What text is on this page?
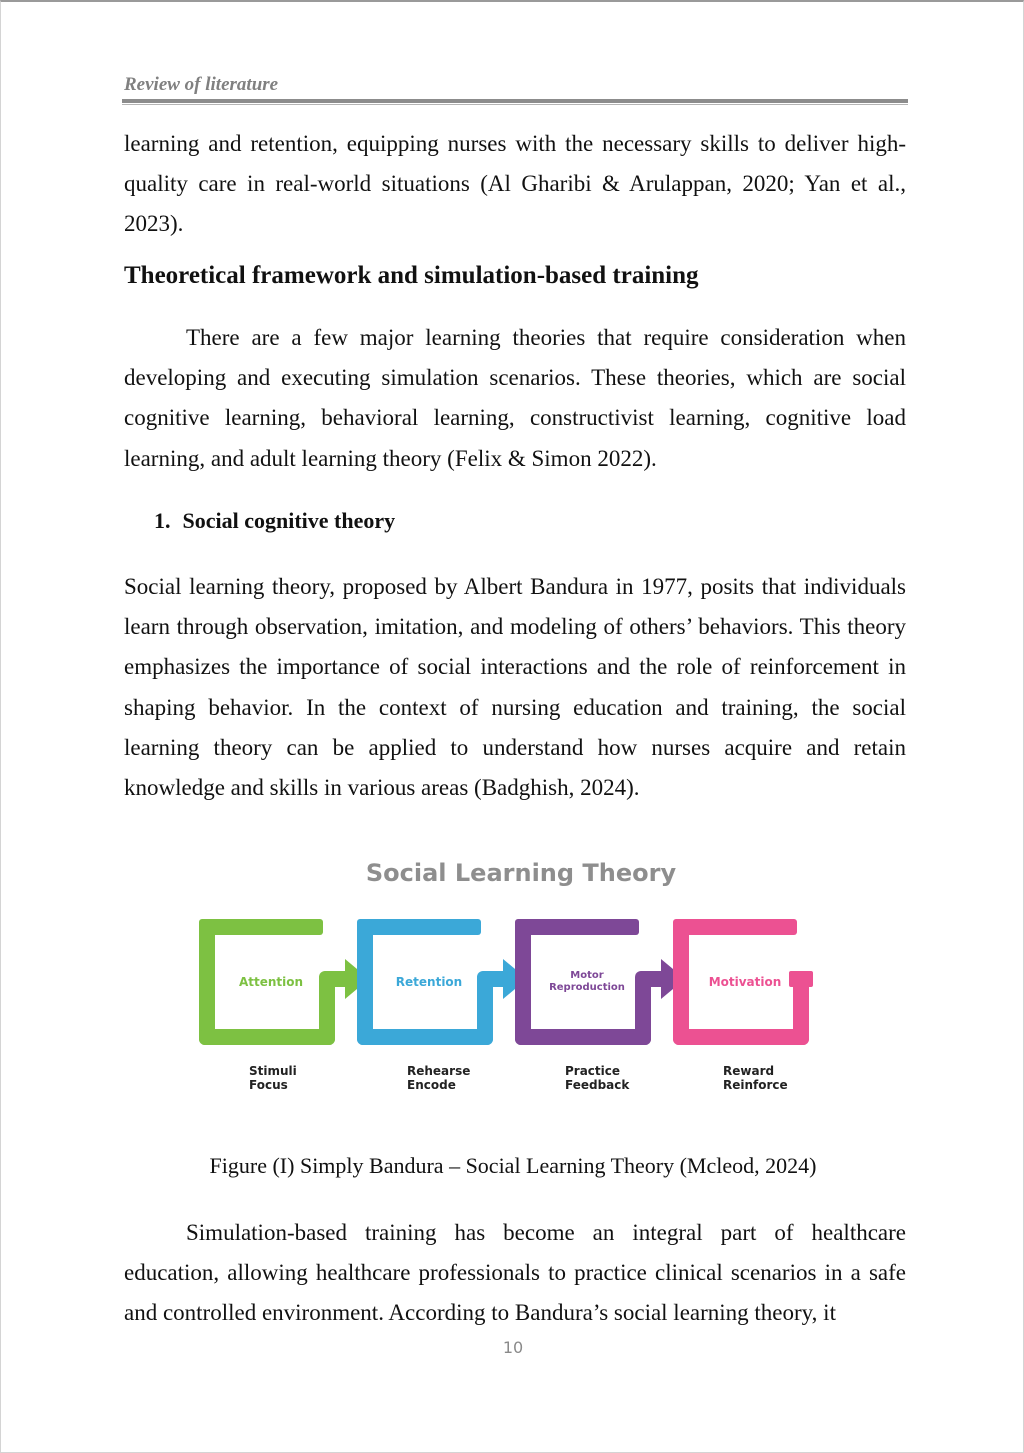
Review of literature

learning and retention, equipping nurses with the necessary skills to deliver high-quality care in real-world situations (Al Gharibi & Arulappan, 2020; Yan et al., 2023).

Theoretical framework and simulation-based training

There are a few major learning theories that require consideration when developing and executing simulation scenarios. These theories, which are social cognitive learning, behavioral learning, constructivist learning, cognitive load learning, and adult learning theory (Felix & Simon 2022).

1. Social cognitive theory

Social learning theory, proposed by Albert Bandura in 1977, posits that individuals learn through observation, imitation, and modeling of others’ behaviors. This theory emphasizes the importance of social interactions and the role of reinforcement in shaping behavior. In the context of nursing education and training, the social learning theory can be applied to understand how nurses acquire and retain knowledge and skills in various areas (Badghish, 2024).

Social Learning Theory
Attention
Stimuli
Focus
Retention
Rehearse
Encode
Motor
Reproduction
Practice
Feedback
Motivation
Reward
Reinforce

Figure (I) Simply Bandura – Social Learning Theory (Mcleod, 2024)

Simulation-based training has become an integral part of healthcare education, allowing healthcare professionals to practice clinical scenarios in a safe and controlled environment. According to Bandura’s social learning theory, it

10
